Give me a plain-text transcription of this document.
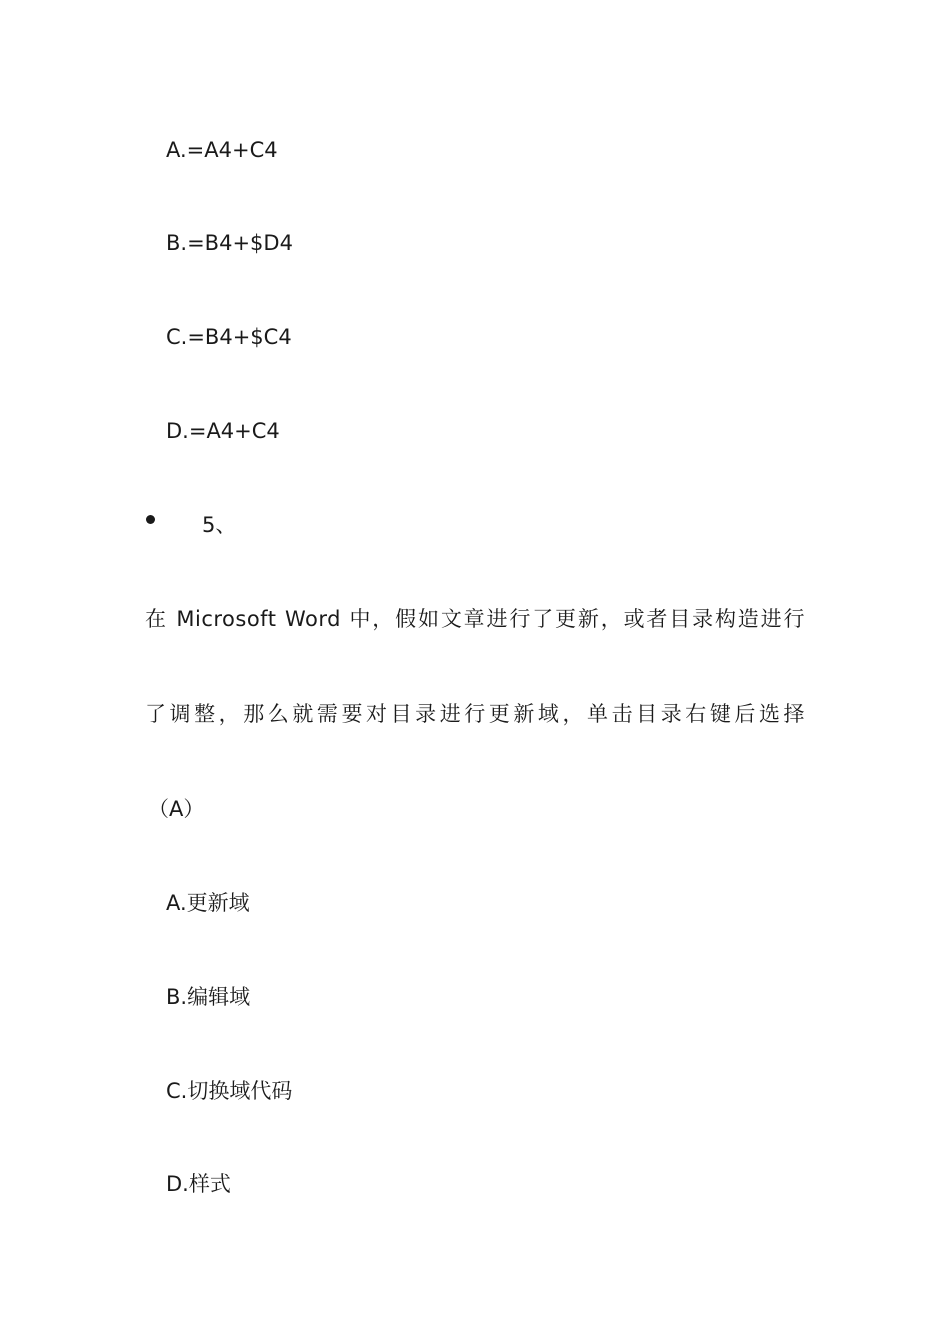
A.=A4+C4
B.=B4+$D4
C.=B4+$C4
D.=A4+C4
5、
在 Microsoft Word 中，假如文章进行了更新，或者目录构造进行
了调整，那么就需要对目录进行更新域，单击目录右键后选择
（A）
A.更新域
B.编辑域
C.切换域代码
D.样式
